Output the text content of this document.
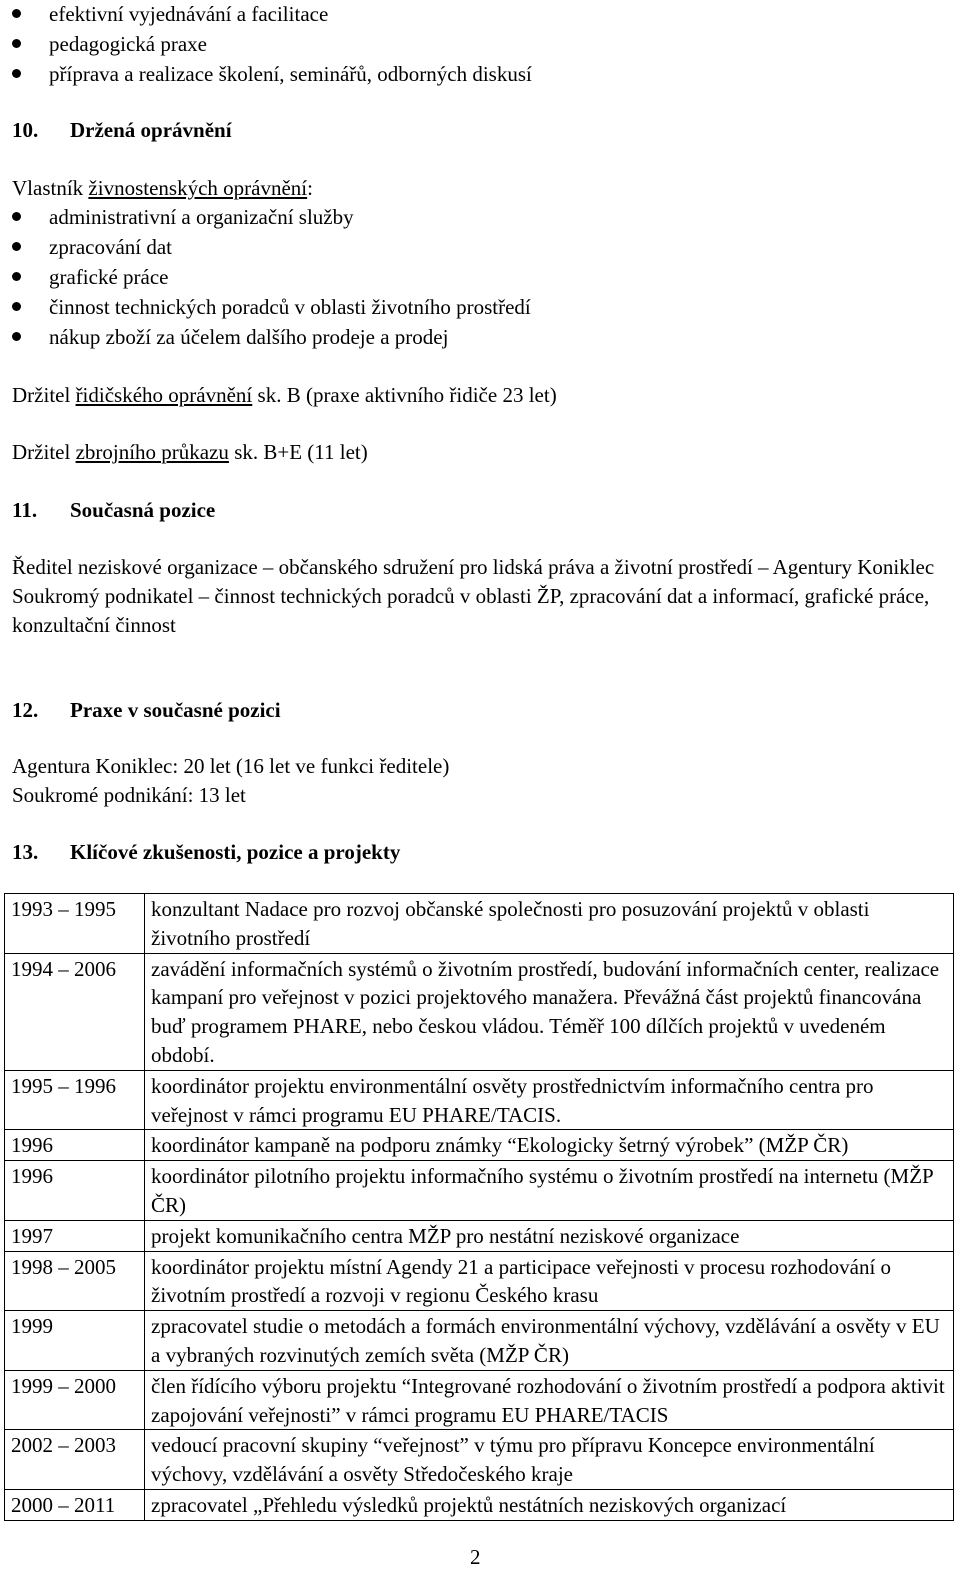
efektivní vyjednávání a facilitace
pedagogická praxe
příprava a realizace školení, seminářů, odborných diskusí
10.	Držená oprávnění

Vlastník živnostenských oprávnění:

administrativní a organizační služby
zpracování dat
grafické práce
činnost technických poradců v oblasti životního prostředí
nákup zboží za účelem dalšího prodeje a prodej

Držitel řidičského oprávnění sk. B (praxe aktivního řidiče 23 let)

Držitel zbrojního průkazu sk. B+E (11 let)

11.	Současná pozice

Ředitel neziskové organizace – občanského sdružení pro lidská práva a životní prostředí – Agentury Koniklec

Soukromý podnikatel – činnost technických poradců v oblasti ŽP, zpracování dat a informací, grafické práce, konzultační činnost

12.	Praxe v současné pozici

Agentura Koniklec: 20 let (16 let ve funkci ředitele)

Soukromé podnikání: 13 let

13.	Klíčové zkušenosti, pozice a projekty
1993 – 1995	konzultant Nadace pro rozvoj občanské společnosti pro posuzování projektů v oblasti životního prostředí
1994 – 2006	zavádění informačních systémů o životním prostředí, budování informačních center, realizace kampaní pro veřejnost v pozici projektového manažera. Převážná část projektů financována buď programem PHARE, nebo českou vládou. Téměř 100 dílčích projektů v uvedeném období.
1995 – 1996	koordinátor projektu environmentální osvěty prostřednictvím informačního centra pro veřejnost v rámci programu EU PHARE/TACIS.
1996	koordinátor kampaně na podporu známky “Ekologicky šetrný výrobek” (MŽP ČR)
1996	koordinátor pilotního projektu informačního systému o životním prostředí na internetu (MŽP ČR)
1997	projekt komunikačního centra MŽP pro nestátní neziskové organizace
1998 – 2005	koordinátor projektu místní Agendy 21 a participace veřejnosti v procesu rozhodování o životním prostředí a rozvoji v regionu Českého krasu
1999	zpracovatel studie o metodách a formách environmentální výchovy, vzdělávání a osvěty v EU a vybraných rozvinutých zemích světa (MŽP ČR)
1999 – 2000	člen řídícího výboru projektu “Integrované rozhodování o životním prostředí a podpora aktivit zapojování veřejnosti” v rámci programu EU PHARE/TACIS
2002 – 2003	vedoucí pracovní skupiny “veřejnost” v týmu pro přípravu Koncepce environmentální výchovy, vzdělávání a osvěty Středočeského kraje
2000 – 2011	zpracovatel „Přehledu výsledků projektů nestátních neziskových organizací
2
